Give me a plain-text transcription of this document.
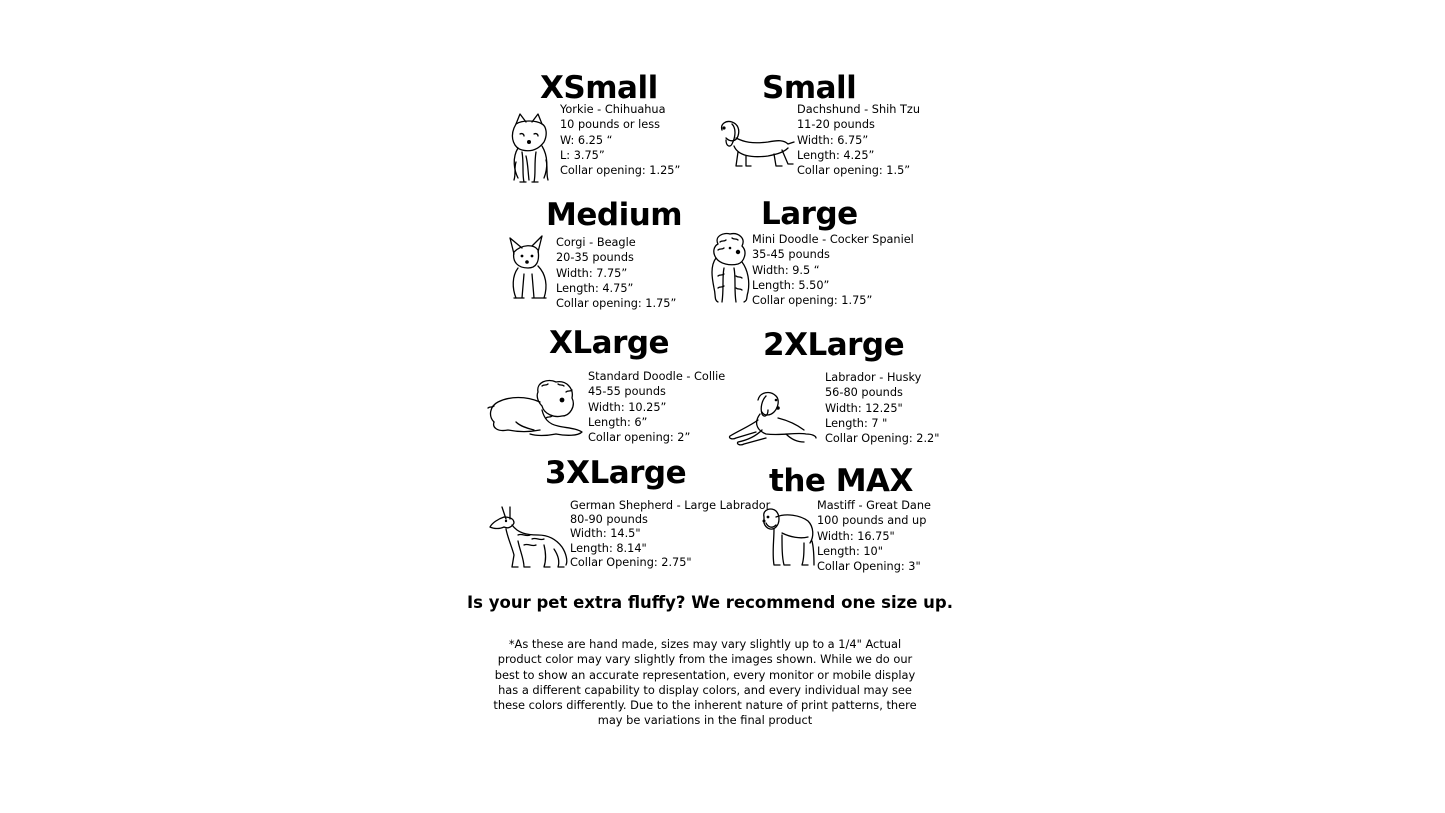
XSmall
Yorkie - Chihuahua
10 pounds or less
W: 6.25 “
L: 3.75”
Collar opening: 1.25”
Small
Dachshund - Shih Tzu
11-20 pounds
Width: 6.75”
Length: 4.25”
Collar opening: 1.5”
Medium
Corgi - Beagle
20-35 pounds
Width: 7.75”
Length: 4.75”
Collar opening: 1.75”
Large
Mini Doodle - Cocker Spaniel
35-45 pounds
Width: 9.5 “
Length: 5.50”
Collar opening: 1.75”
XLarge
Standard Doodle - Collie
45-55 pounds
Width: 10.25”
Length: 6”
Collar opening: 2”
2XLarge
Labrador - Husky
56-80 pounds
Width: 12.25"
Length: 7 "
Collar Opening: 2.2"
3XLarge
German Shepherd - Large Labrador
80-90 pounds
Width: 14.5"
Length: 8.14"
Collar Opening: 2.75"
the MAX
Mastiff - Great Dane
100 pounds and up
Width: 16.75"
Length: 10"
Collar Opening: 3"
Is your pet extra fluffy? We recommend one size up.
*As these are hand made, sizes may vary slightly up to a 1/4" Actual product color may vary slightly from the images shown. While we do our best to show an accurate representation, every monitor or mobile display has a different capability to display colors, and every individual may see these colors differently. Due to the inherent nature of print patterns, there may be variations in the final product
